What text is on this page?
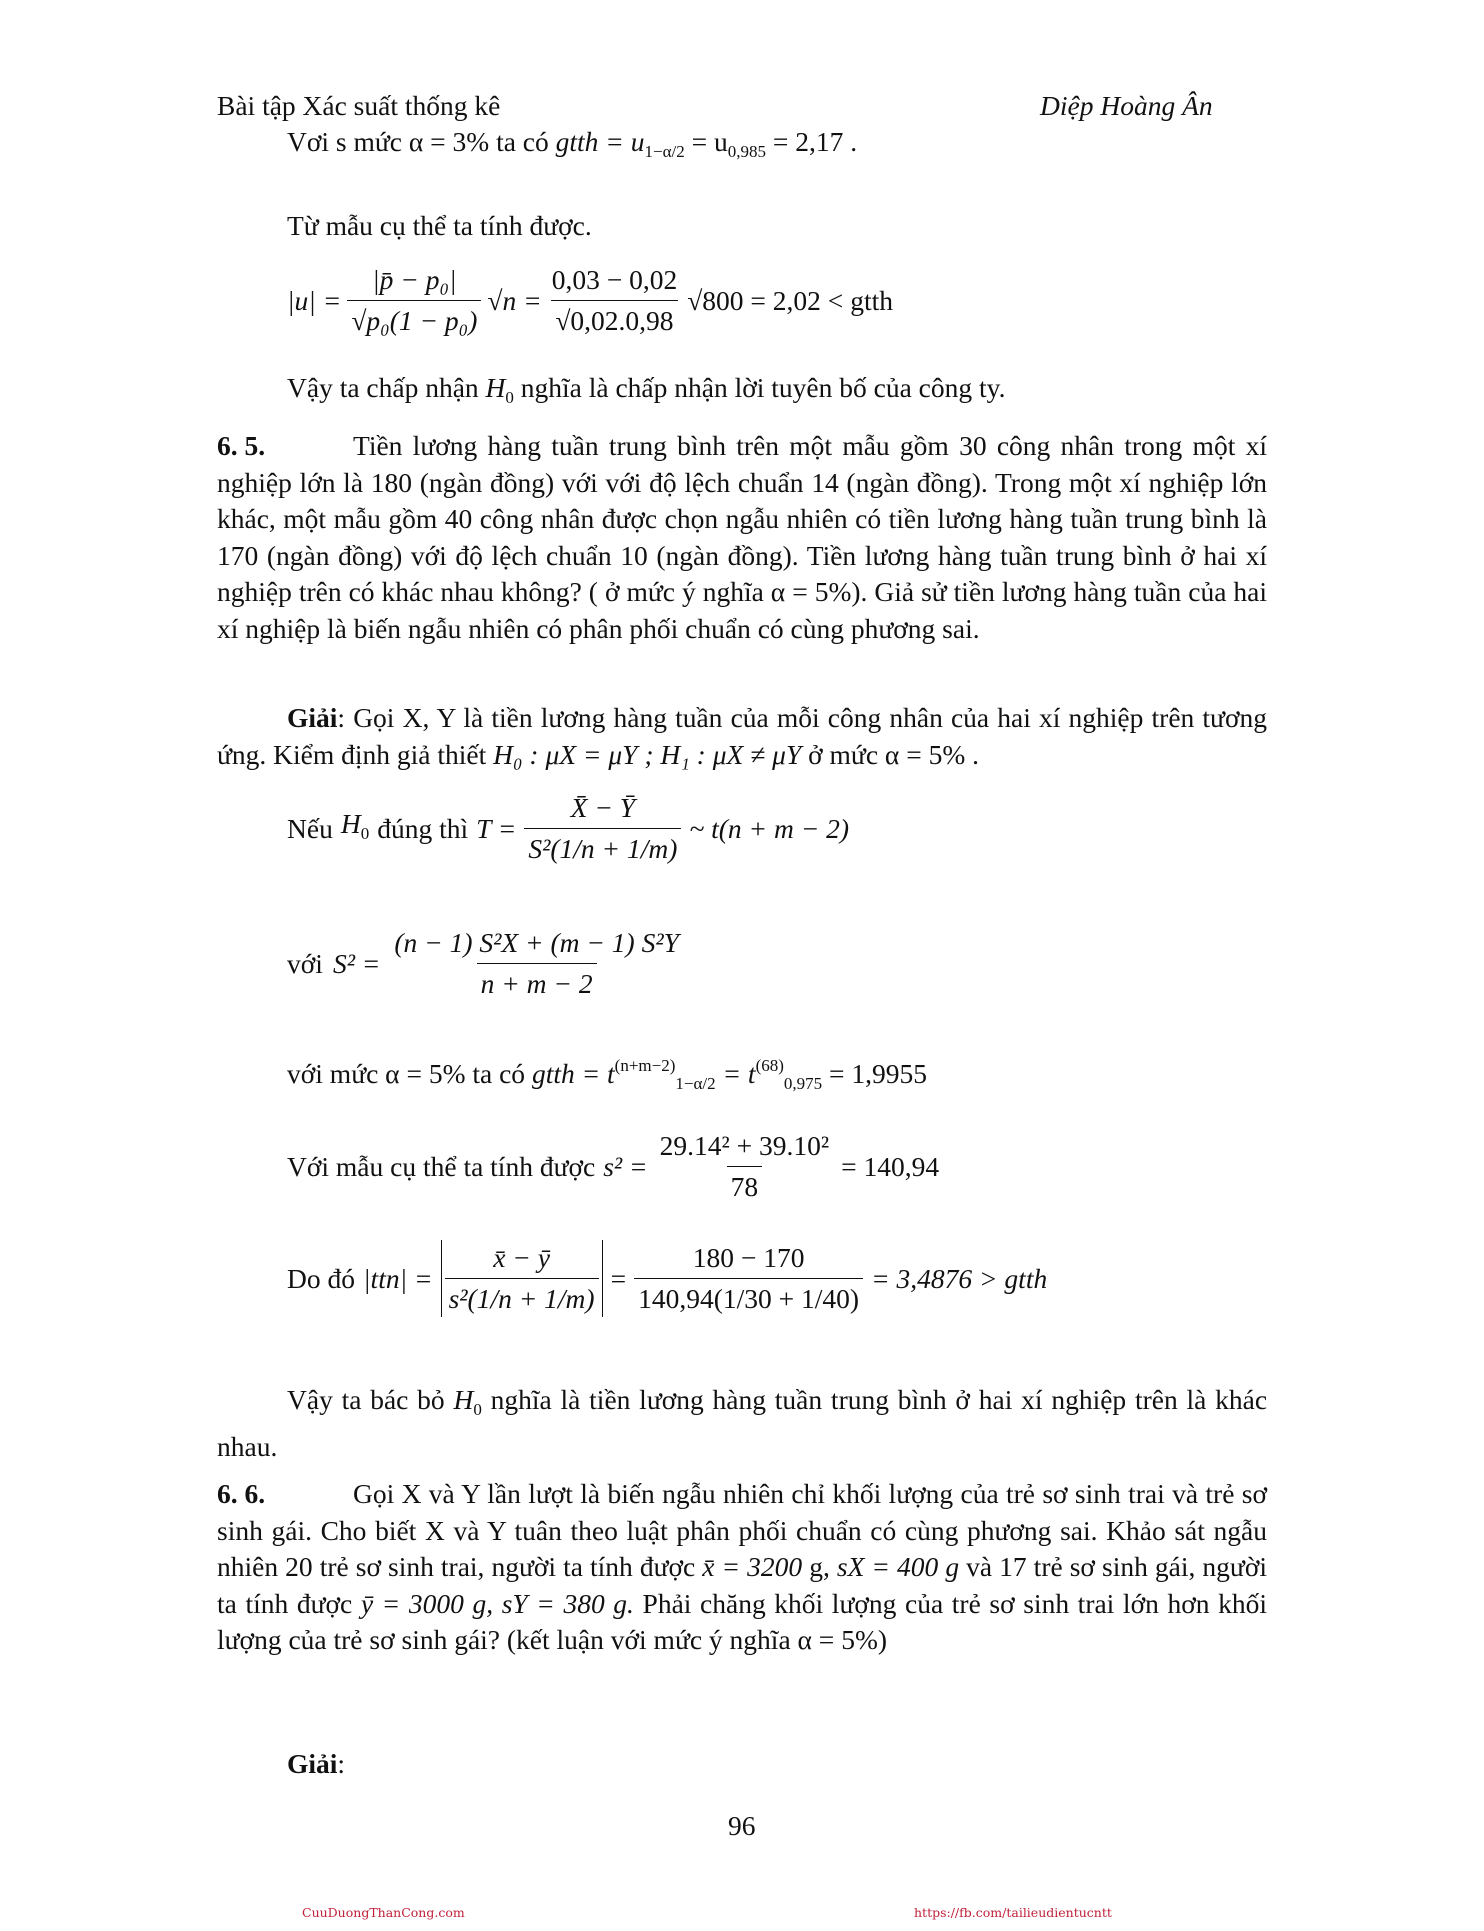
Bài tập Xác suất thống kê	Diệp Hoàng Ân
Vơi s mức α = 3% ta có gtth = $u_{1-\alpha/2} = u_{0,985} = 2,17$ .
Từ mẫu cụ thể ta tính được.
$|u| = \frac{\text{|p̄ − p₀|}}{\text{√p₀(1 − p₀)}} √n = \frac{0,03 - 0,02}{√0,02.0,98} √800 = 2,02$ < gtth
Vậy ta chấp nhận $H_0$ nghĩa là chấp nhận lời tuyên bố của công ty.
6. 5.	Tiền lương hàng tuần trung bình trên một mẫu gồm 30 công nhân trong một xí nghiệp lớn là 180 (ngàn đồng) với với độ lệch chuẩn 14 (ngàn đồng). Trong một xí nghiệp lớn khác, một mẫu gồm 40 công nhân được chọn ngẫu nhiên có tiền lương hàng tuần trung bình là 170 (ngàn đồng) với độ lệch chuẩn 10 (ngàn đồng). Tiền lương hàng tuần trung bình ở hai xí nghiệp trên có khác nhau không? ( ở mức ý nghĩa α = 5%). Giả sử tiền lương hàng tuần của hai xí nghiệp là biến ngẫu nhiên có phân phối chuẩn có cùng phương sai.
Giải: Gọi X, Y là tiền lương hàng tuần của mỗi công nhân của hai xí nghiệp trên tương ứng. Kiểm định giả thiết H₀ : μX = μY ; H₁ : μX ≠ μY ở mức α = 5% .
Nếu $H_0$ đúng thì $T = \frac{X̄ - Ȳ}{\text{S²(1/n + 1/m)}}$ ~ t(n + m − 2)
với $S^2 = \frac{\text{(n − 1) S²X + (m − 1) S²Y}}{n + m - 2}$
với mức α = 5% ta có gtth = $t^{(n+m-2)}_{1-\alpha/2} = t^{(68)}_{0,975} = 1,9955$
Với mẫu cụ thể ta tính được $s^2 = \frac{\text{29.14² + 39.10²}}{78} = 140,94$
Do đó $|ttn| = \frac{x̄ - ȳ}{\text{s²(1/n + 1/m)}} = \frac{180 - 170}{140,94(1/30 + 1/40)} = 3,4876$ > gtth
Vậy ta bác bỏ $H_0$ nghĩa là tiền lương hàng tuần trung bình ở hai xí nghiệp trên là khác nhau.
6. 6.	Gọi X và Y lần lượt là biến ngẫu nhiên chỉ khối lượng của trẻ sơ sinh trai và trẻ sơ sinh gái. Cho biết X và Y tuân theo luật phân phối chuẩn có cùng phương sai. Khảo sát ngẫu nhiên 20 trẻ sơ sinh trai, người ta tính được x̄ = 3200 g, sX = 400 g và 17 trẻ sơ sinh gái, người ta tính được ȳ = 3000 g, sY = 380 g. Phải chăng khối lượng của trẻ sơ sinh trai lớn hơn khối lượng của trẻ sơ sinh gái? (kết luận với mức ý nghĩa α = 5%)
Giải:
96
CuuDuongThanCong.com	https://fb.com/tailieudientucntt
